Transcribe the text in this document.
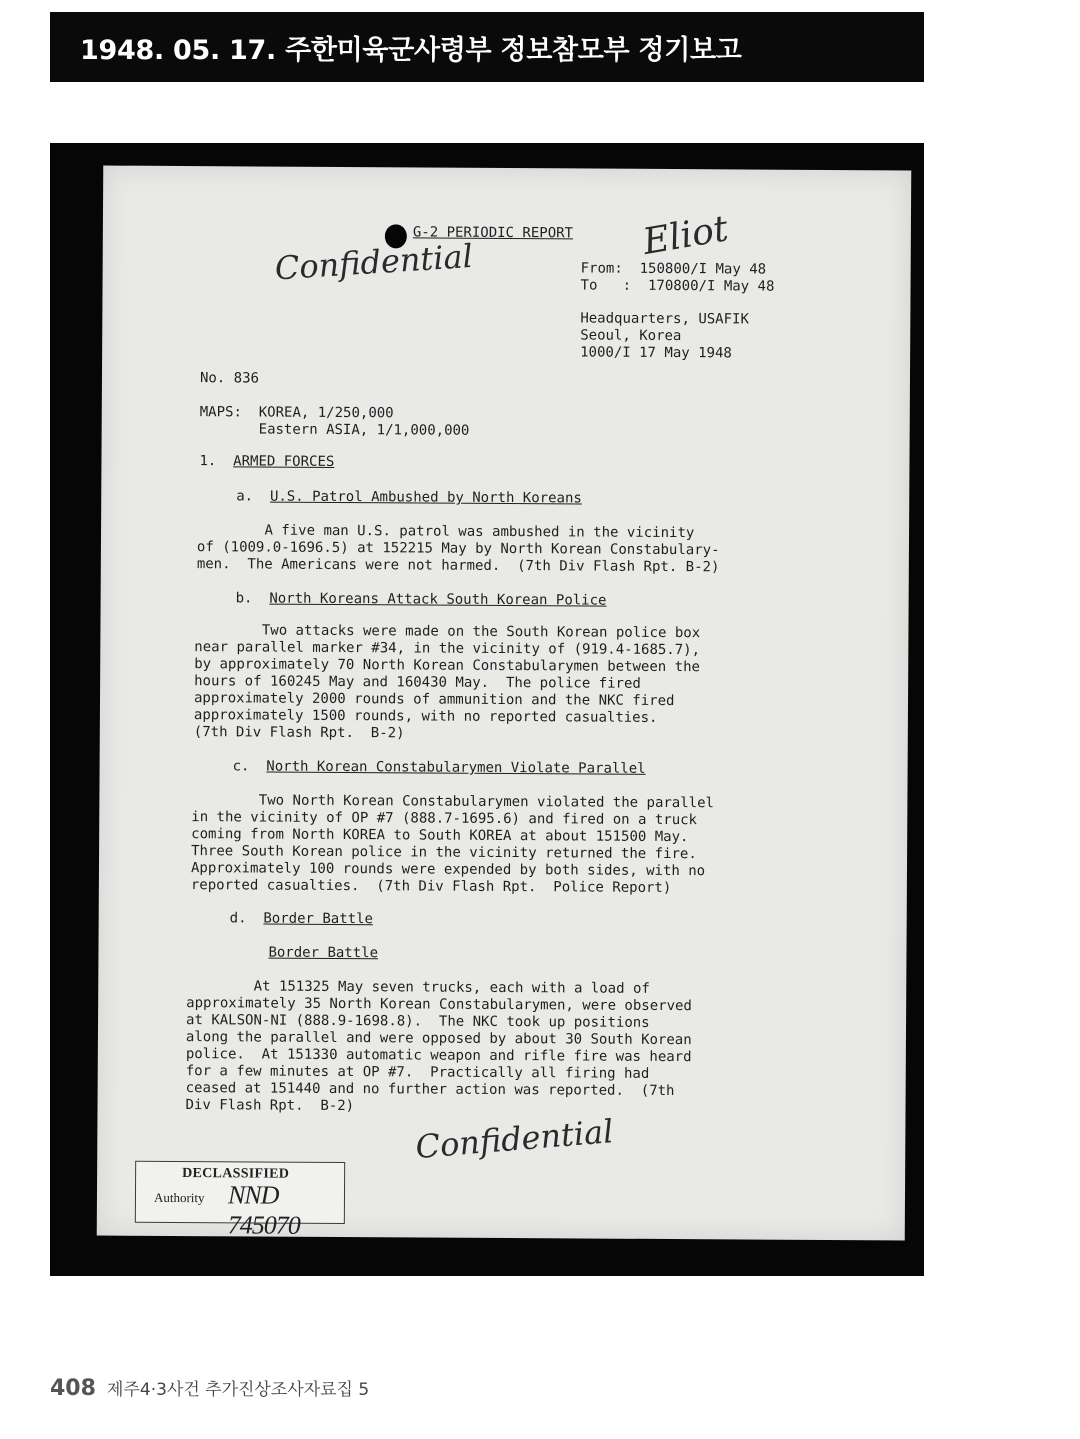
1948. 05. 17. 주한미육군사령부 정보참모부 정기보고
Eliot
G-2 PERIODIC REPORT
Confidential	From:  150800/I May 48
To   :  170800/I May 48
Headquarters, USAFIK
Seoul, Korea
1000/I 17 May 1948
No. 836
MAPS:  KOREA, 1/250,000
Eastern ASIA, 1/1,000,000
1.  ARMED FORCES
a.  U.S. Patrol Ambushed by North Koreans
A five man U.S. patrol was ambushed in the vicinity
of (1009.0-1696.5) at 152215 May by North Korean Constabulary-
men.  The Americans were not harmed.  (7th Div Flash Rpt. B-2)
b.  North Koreans Attack South Korean Police
Two attacks were made on the South Korean police box
near parallel marker #34, in the vicinity of (919.4-1685.7),
by approximately 70 North Korean Constabularymen between the
hours of 160245 May and 160430 May.  The police fired
approximately 2000 rounds of ammunition and the NKC fired
approximately 1500 rounds, with no reported casualties.
(7th Div Flash Rpt.  B-2)
c.  North Korean Constabularymen Violate Parallel
Two North Korean Constabularymen violated the parallel
in the vicinity of OP #7 (888.7-1695.6) and fired on a truck
coming from North KOREA to South KOREA at about 151500 May.
Three South Korean police in the vicinity returned the fire.
Approximately 100 rounds were expended by both sides, with no
reported casualties.  (7th Div Flash Rpt.  Police Report)
d.  Border Battle
Border Battle
At 151325 May seven trucks, each with a load of
approximately 35 North Korean Constabularymen, were observed
at KALSON-NI (888.9-1698.8).  The NKC took up positions
along the parallel and were opposed by about 30 South Korean
police.  At 151330 automatic weapon and rifle fire was heard
for a few minutes at OP #7.  Practically all firing had
ceased at 151440 and no further action was reported.  (7th
Div Flash Rpt.  B-2)
Confidential
DECLASSIFIED
Authority NND 745070
408 제주4·3사건 추가진상조사자료집 5
